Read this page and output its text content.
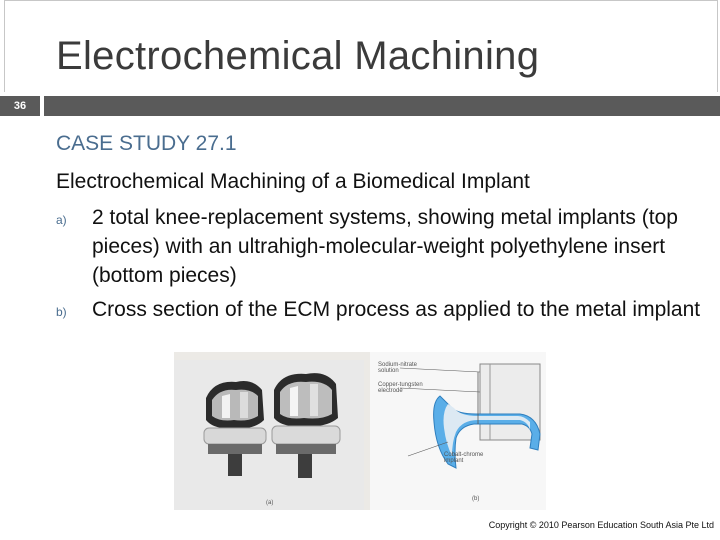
Electrochemical Machining
36
CASE STUDY 27.1
Electrochemical Machining of a Biomedical Implant
a) 2 total knee-replacement systems, showing metal implants (top pieces) with an ultrahigh-molecular-weight polyethylene insert (bottom pieces)
b) Cross section of the ECM process as applied to the metal implant
(a)
Sodium-nitrate solution
Copper-tungsten electrode
Cobalt-chrome implant
(b)
Copyright © 2010 Pearson Education South Asia Pte Ltd
